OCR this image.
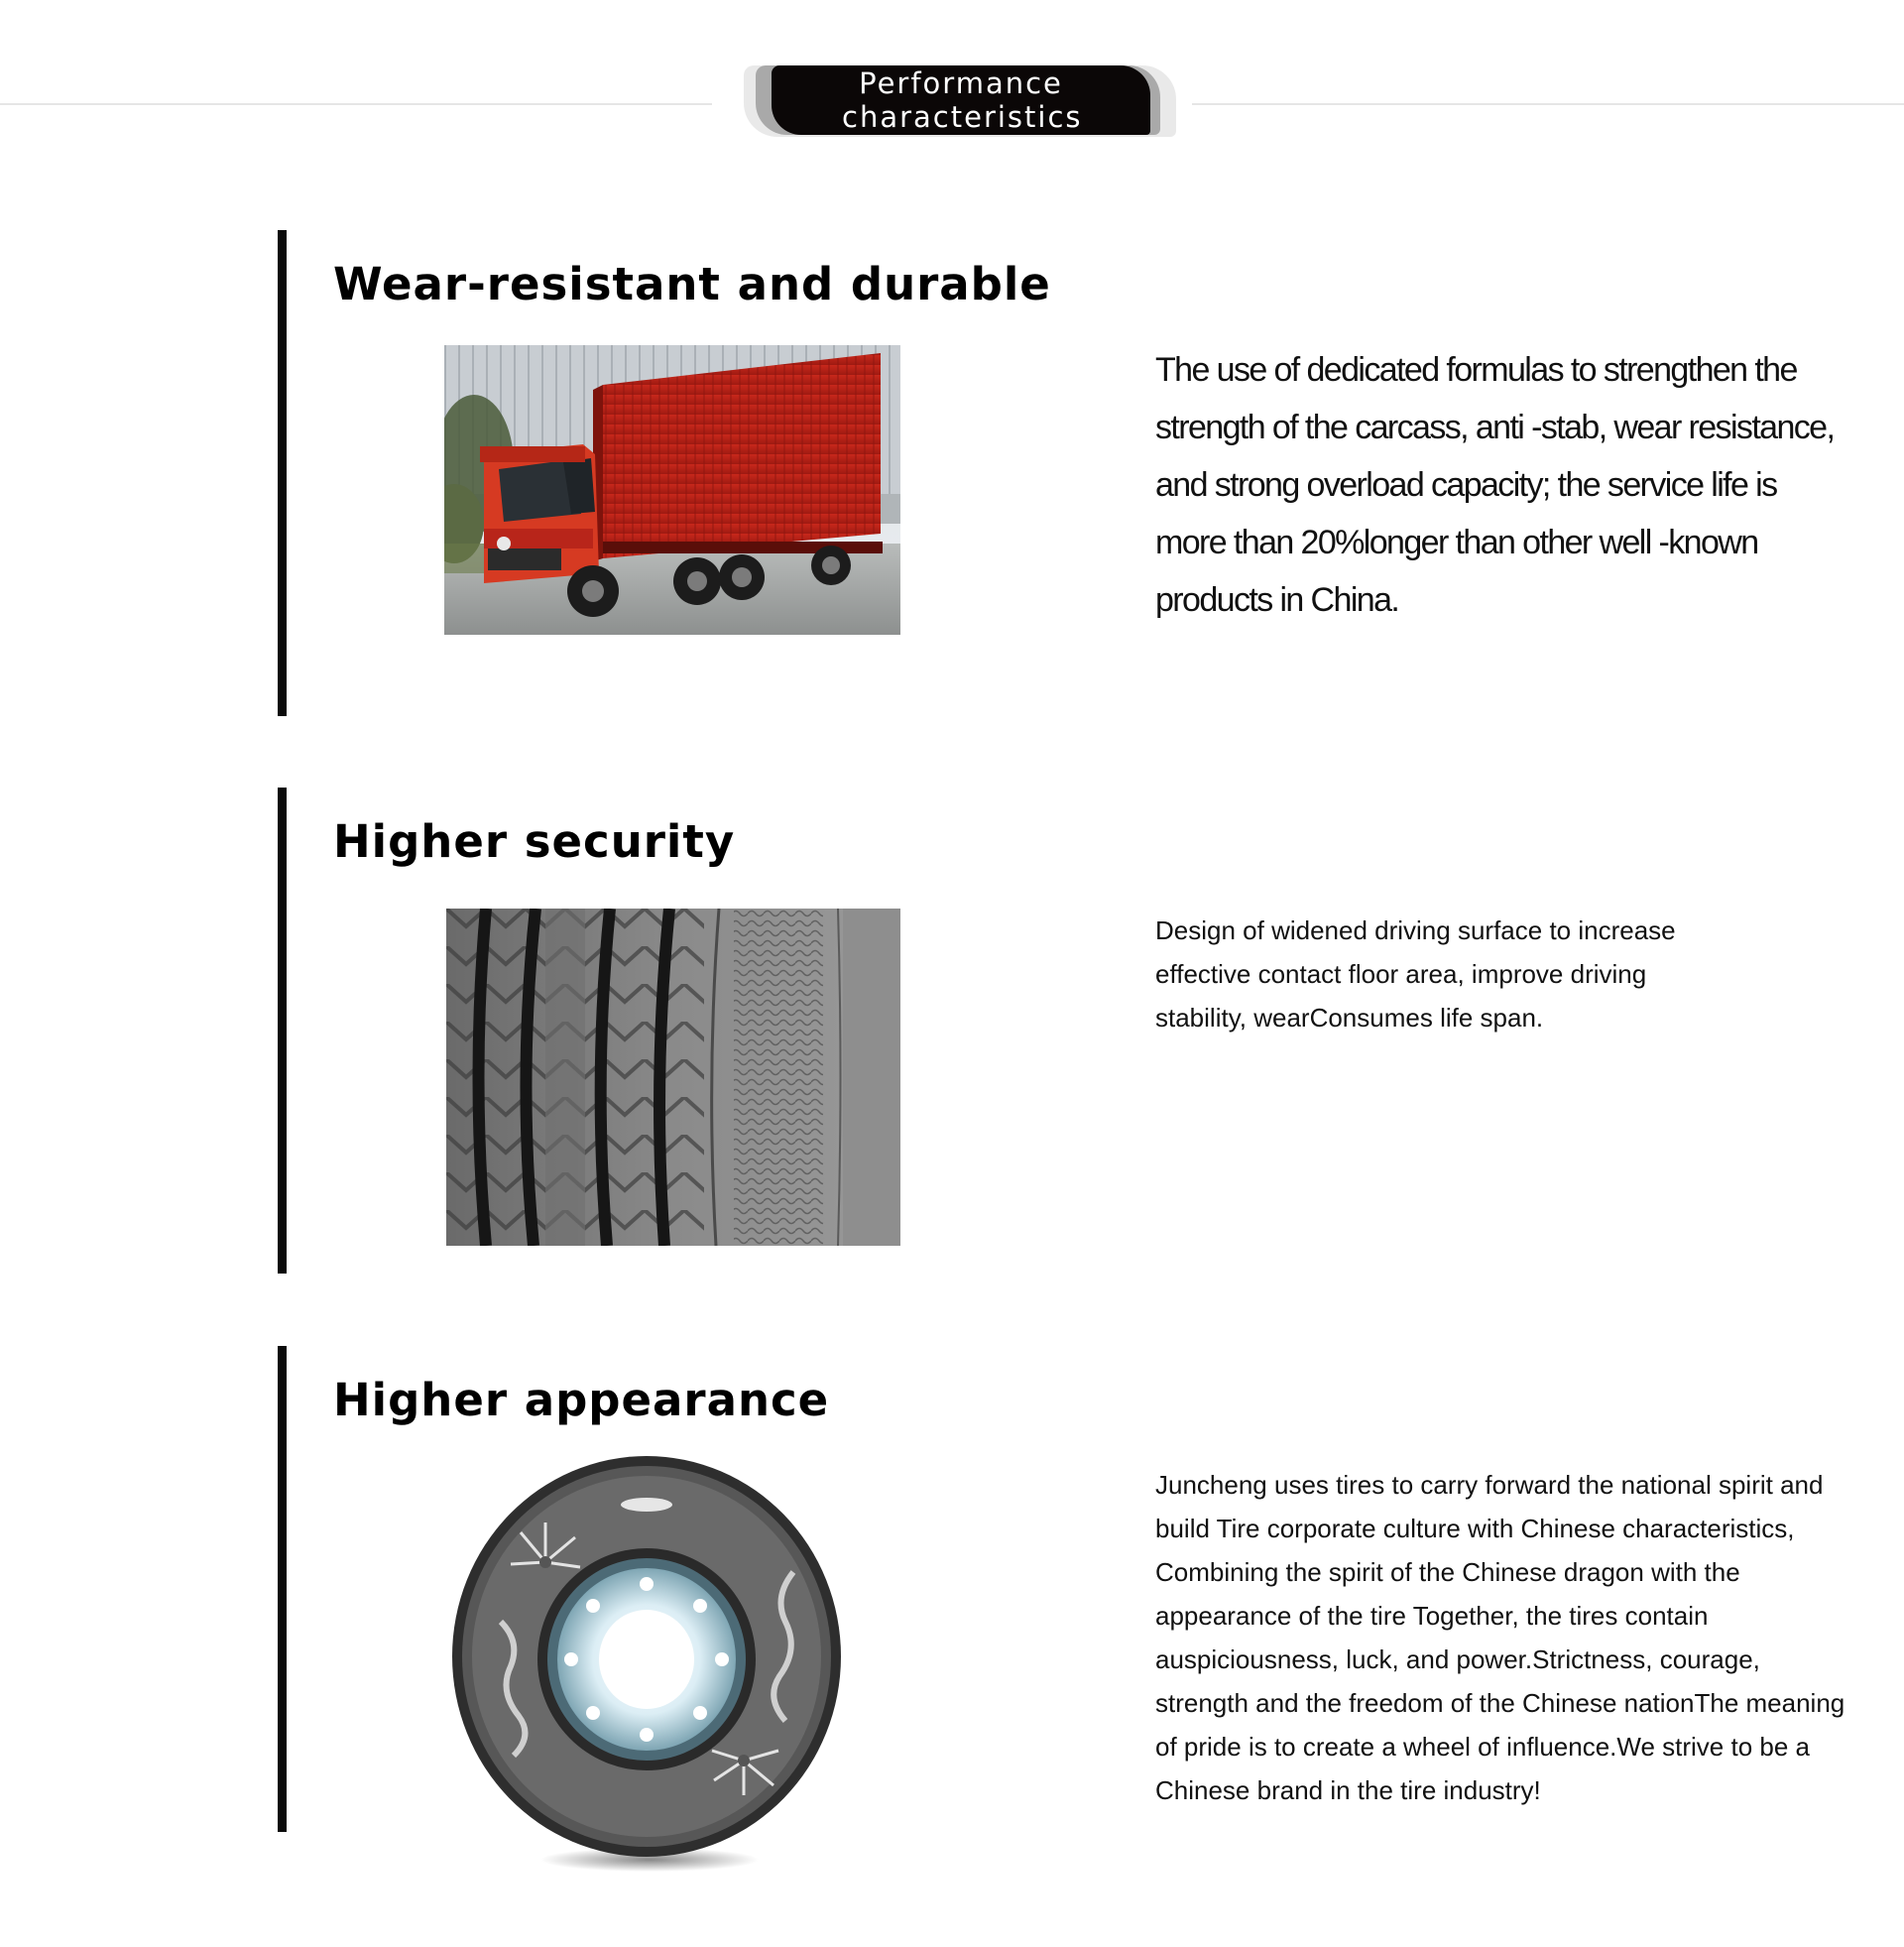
Performance characteristics
Wear-resistant and durable

The use of dedicated formulas to strengthen the strength of the carcass, anti -stab, wear resistance, and strong overload capacity; the service life is more than 20%longer than other well -known products in China.

Higher security

Design of widened driving surface to increase effective contact floor area, improve driving stability, wearConsumes life span.

Higher appearance

Juncheng uses tires to carry forward the national spirit and build Tire corporate culture with Chinese characteristics, Combining the spirit of the Chinese dragon with the appearance of the tire Together, the tires contain auspiciousness, luck, and power.Strictness, courage, strength and the freedom of the Chinese nationThe meaning of pride is to create a wheel of influence.We strive to be a Chinese brand in the tire industry!
